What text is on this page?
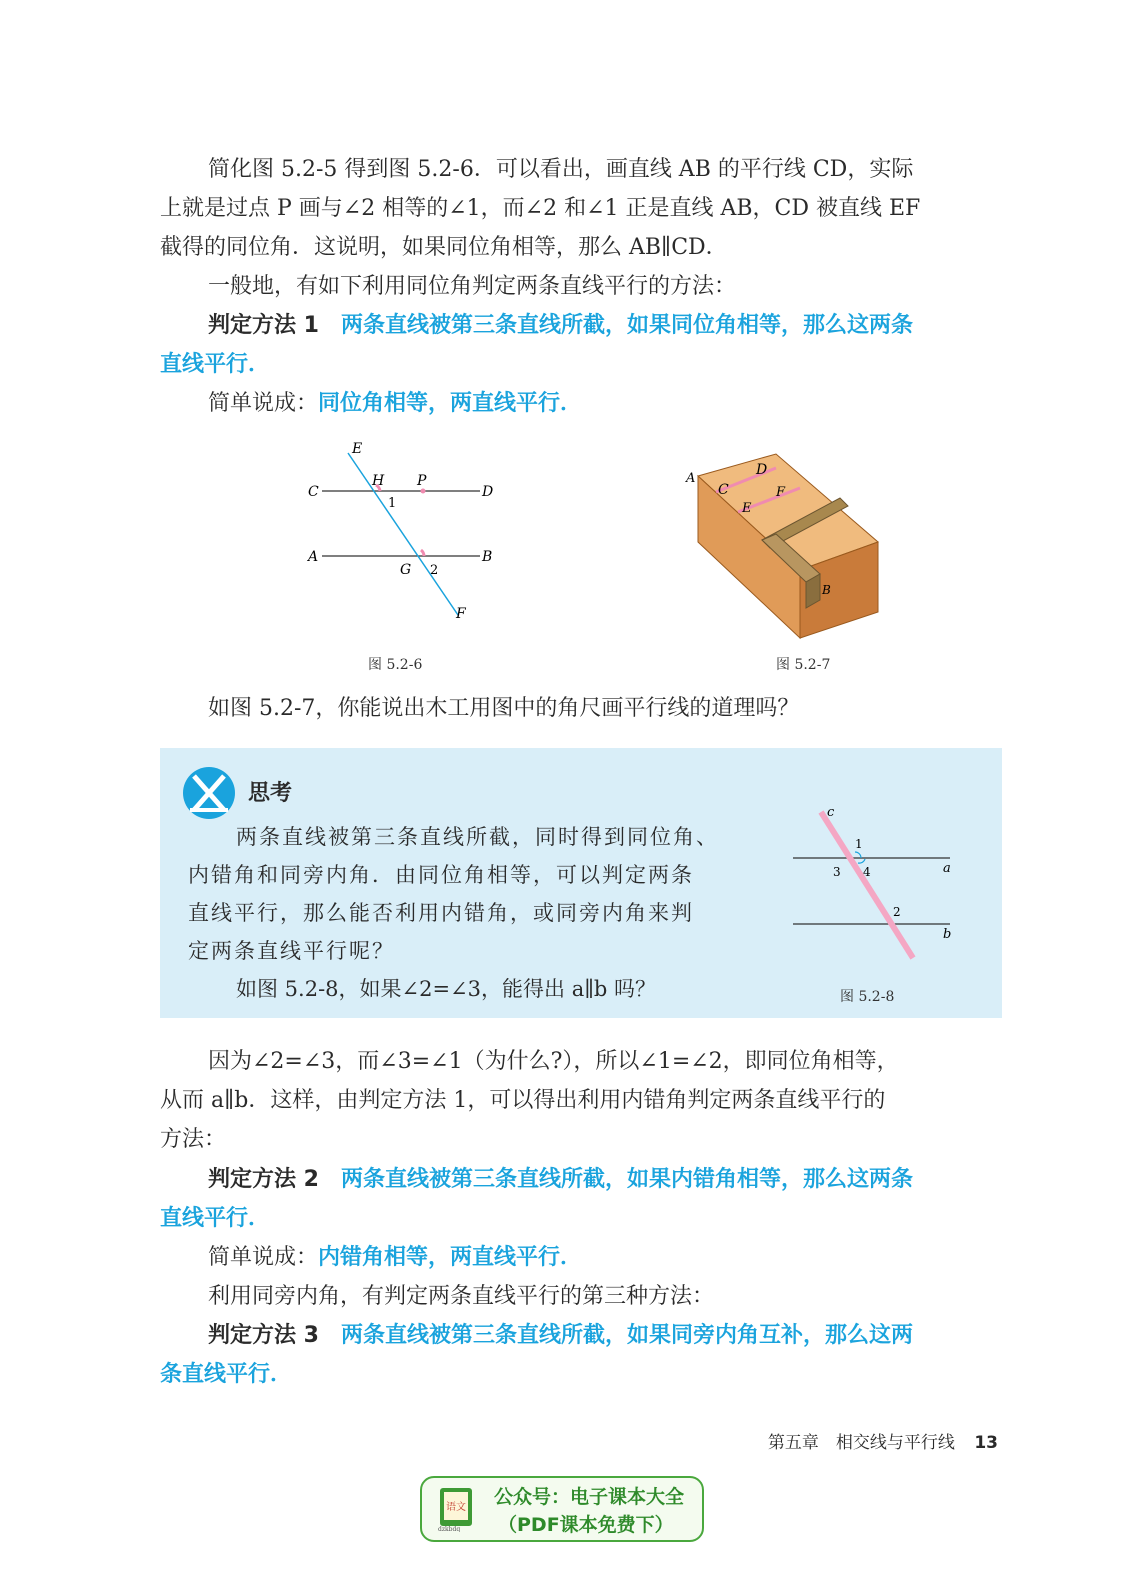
简化图 5.2-5 得到图 5.2-6．可以看出，画直线 AB 的平行线 CD，实际
上就是过点 P 画与∠2 相等的∠1，而∠2 和∠1 正是直线 AB，CD 被直线 EF
截得的同位角．这说明，如果同位角相等，那么 AB∥CD．
一般地，有如下利用同位角判定两条直线平行的方法：
判定方法 1 两条直线被第三条直线所截，如果同位角相等，那么这两条
直线平行．
简单说成：同位角相等，两直线平行．
E
C
H P
D
1
A	B
G 2
F
图 5.2-6
A
C
D
E
F
B
图 5.2-7
如图 5.2-7，你能说出木工用图中的角尺画平行线的道理吗？
思考
两条直线被第三条直线所截，同时得到同位角、
内错角和同旁内角．由同位角相等，可以判定两条
直线平行，那么能否利用内错角，或同旁内角来判
定两条直线平行呢？
如图 5.2-8，如果∠2=∠3，能得出 a∥b 吗？
c
1
3 4	a
2
b
图 5.2-8
因为∠2=∠3，而∠3=∠1（为什么?），所以∠1=∠2，即同位角相等，
从而 a∥b．这样，由判定方法 1，可以得出利用内错角判定两条直线平行的
方法：
判定方法 2 两条直线被第三条直线所截，如果内错角相等，那么这两条
直线平行．
简单说成：内错角相等，两直线平行．
利用同旁内角，有判定两条直线平行的第三种方法：
判定方法 3 两条直线被第三条直线所截，如果同旁内角互补，那么这两
条直线平行．
第五章　相交线与平行线 13
语文
dzkbdq
公众号：电子课本大全
（PDF课本免费下）
